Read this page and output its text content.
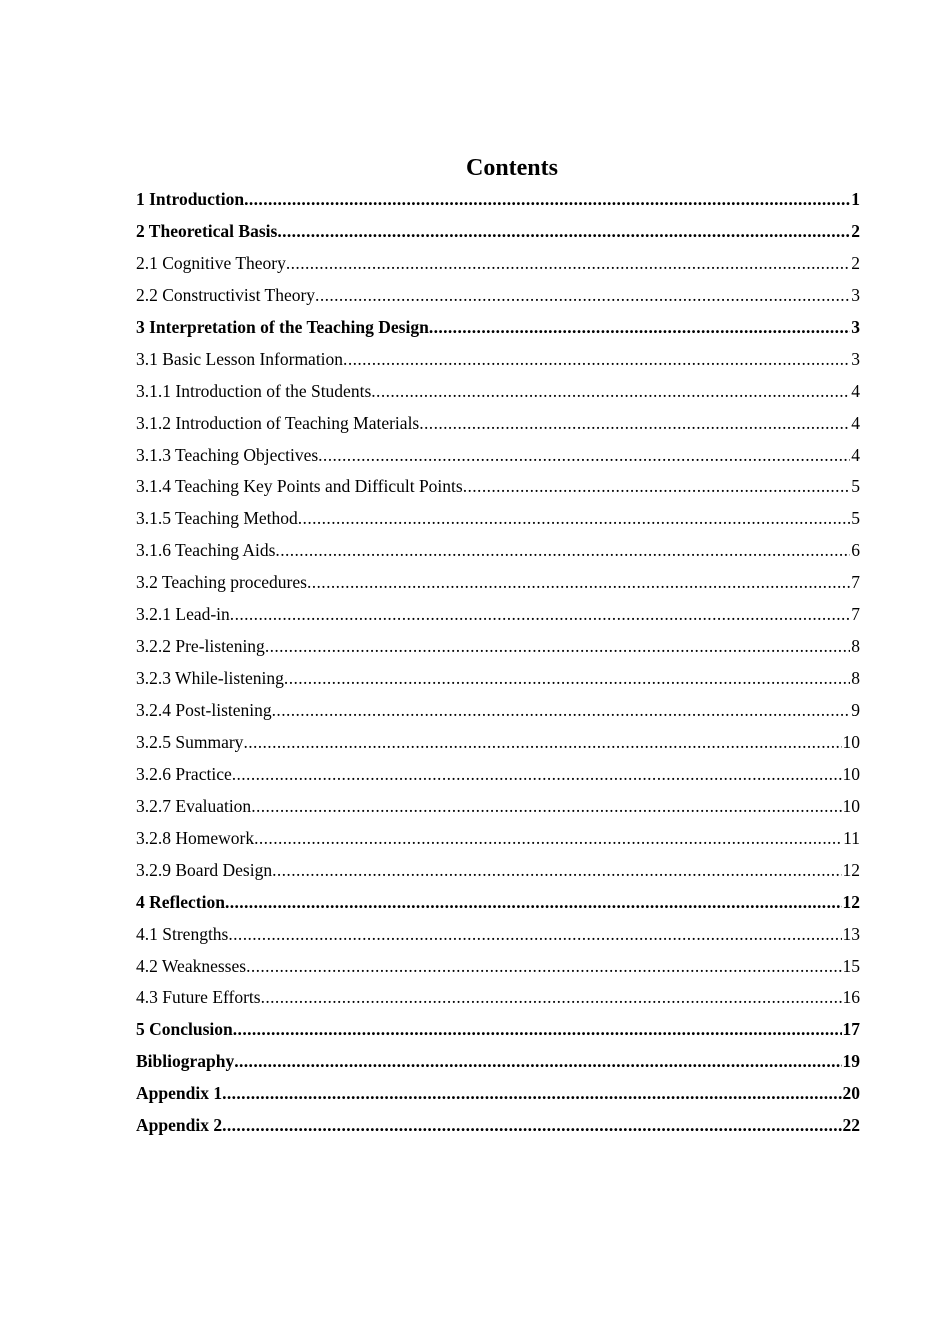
Contents
1 Introduction .....	1
2 Theoretical Basis .....	2
2.1 Cognitive Theory .....	2
2.2 Constructivist Theory .....	3
3 Interpretation of the Teaching Design .....	3
3.1 Basic Lesson Information .....	3
3.1.1 Introduction of the Students .....	4
3.1.2 Introduction of Teaching Materials .....	4
3.1.3 Teaching Objectives .....	4
3.1.4 Teaching Key Points and Difficult Points .....	5
3.1.5 Teaching Method .....	5
3.1.6 Teaching Aids .....	6
3.2 Teaching procedures .....	7
3.2.1 Lead-in .....	7
3.2.2 Pre-listening .....	8
3.2.3 While-listening .....	8
3.2.4 Post-listening .....	9
3.2.5 Summary .....	10
3.2.6 Practice .....	10
3.2.7 Evaluation .....	10
3.2.8 Homework .....	11
3.2.9 Board Design .....	12
4 Reflection .....	12
4.1 Strengths .....	13
4.2 Weaknesses .....	15
4.3 Future Efforts .....	16
5 Conclusion .....	17
Bibliography .....	19
Appendix 1 .....	20
Appendix 2 .....	22
